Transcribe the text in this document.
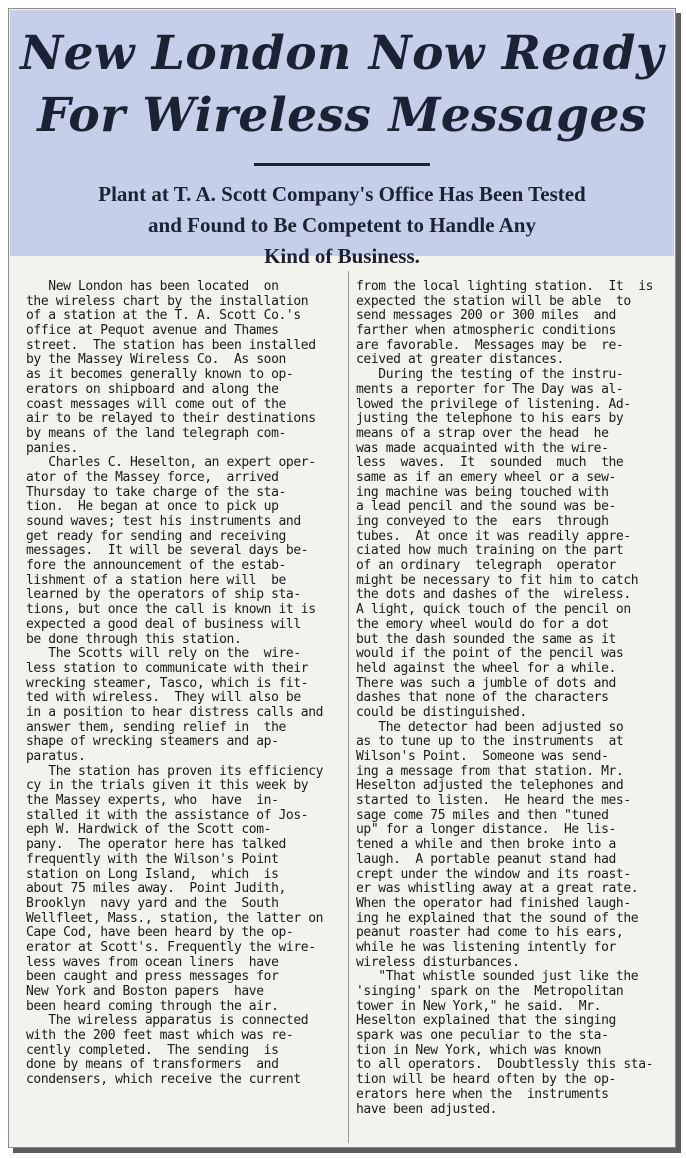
New London Now Ready
For Wireless Messages

Plant at T. A. Scott Company's Office Has Been Tested

and Found to Be Competent to Handle Any

Kind of Business.

New London has been located  on
the wireless chart by the installation
of a station at the T. A. Scott Co.'s
office at Pequot avenue and Thames
street.  The station has been installed
by the Massey Wireless Co.  As soon
as it becomes generally known to op-
erators on shipboard and along the
coast messages will come out of the
air to be relayed to their destinations
by means of the land telegraph com-
panies.
Charles C. Heselton, an expert oper-
ator of the Massey force,  arrived
Thursday to take charge of the sta-
tion.  He began at once to pick up
sound waves; test his instruments and
get ready for sending and receiving
messages.  It will be several days be-
fore the announcement of the estab-
lishment of a station here will  be
learned by the operators of ship sta-
tions, but once the call is known it is
expected a good deal of business will
be done through this station.
The Scotts will rely on the  wire-
less station to communicate with their
wrecking steamer, Tasco, which is fit-
ted with wireless.  They will also be
in a position to hear distress calls and
answer them, sending relief in  the
shape of wrecking steamers and ap-
paratus.
The station has proven its efficiency
cy in the trials given it this week by
the Massey experts, who  have  in-
stalled it with the assistance of Jos-
eph W. Hardwick of the Scott com-
pany.  The operator here has talked
frequently with the Wilson's Point
station on Long Island,  which  is
about 75 miles away.  Point Judith,
Brooklyn  navy yard and the  South
Wellfleet, Mass., station, the latter on
Cape Cod, have been heard by the op-
erator at Scott's. Frequently the wire-
less waves from ocean liners  have
been caught and press messages for
New York and Boston papers  have
been heard coming through the air.
The wireless apparatus is connected
with the 200 feet mast which was re-
cently completed.  The sending  is
done by means of transformers  and
condensers, which receive the current
from the local lighting station.  It  is
expected the station will be able  to
send messages 200 or 300 miles  and
farther when atmospheric conditions
are favorable.  Messages may be  re-
ceived at greater distances.
During the testing of the instru-
ments a reporter for The Day was al-
lowed the privilege of listening. Ad-
justing the telephone to his ears by
means of a strap over the head  he
was made acquainted with the wire-
less  waves.  It  sounded  much  the
same as if an emery wheel or a sew-
ing machine was being touched with
a lead pencil and the sound was be-
ing conveyed to the  ears  through
tubes.  At once it was readily appre-
ciated how much training on the part
of an ordinary  telegraph  operator
might be necessary to fit him to catch
the dots and dashes of the  wireless.
A light, quick touch of the pencil on
the emory wheel would do for a dot
but the dash sounded the same as it
would if the point of the pencil was
held against the wheel for a while.
There was such a jumble of dots and
dashes that none of the characters
could be distinguished.
The detector had been adjusted so
as to tune up to the instruments  at
Wilson's Point.  Someone was send-
ing a message from that station. Mr.
Heselton adjusted the telephones and
started to listen.  He heard the mes-
sage come 75 miles and then "tuned
up" for a longer distance.  He lis-
tened a while and then broke into a
laugh.  A portable peanut stand had
crept under the window and its roast-
er was whistling away at a great rate.
When the operator had finished laugh-
ing he explained that the sound of the
peanut roaster had come to his ears,
while he was listening intently for
wireless disturbances.
"That whistle sounded just like the
'singing' spark on the  Metropolitan
tower in New York," he said.  Mr.
Heselton explained that the singing
spark was one peculiar to the sta-
tion in New York, which was known
to all operators.  Doubtlessly this sta-
tion will be heard often by the op-
erators here when the  instruments
have been adjusted.
